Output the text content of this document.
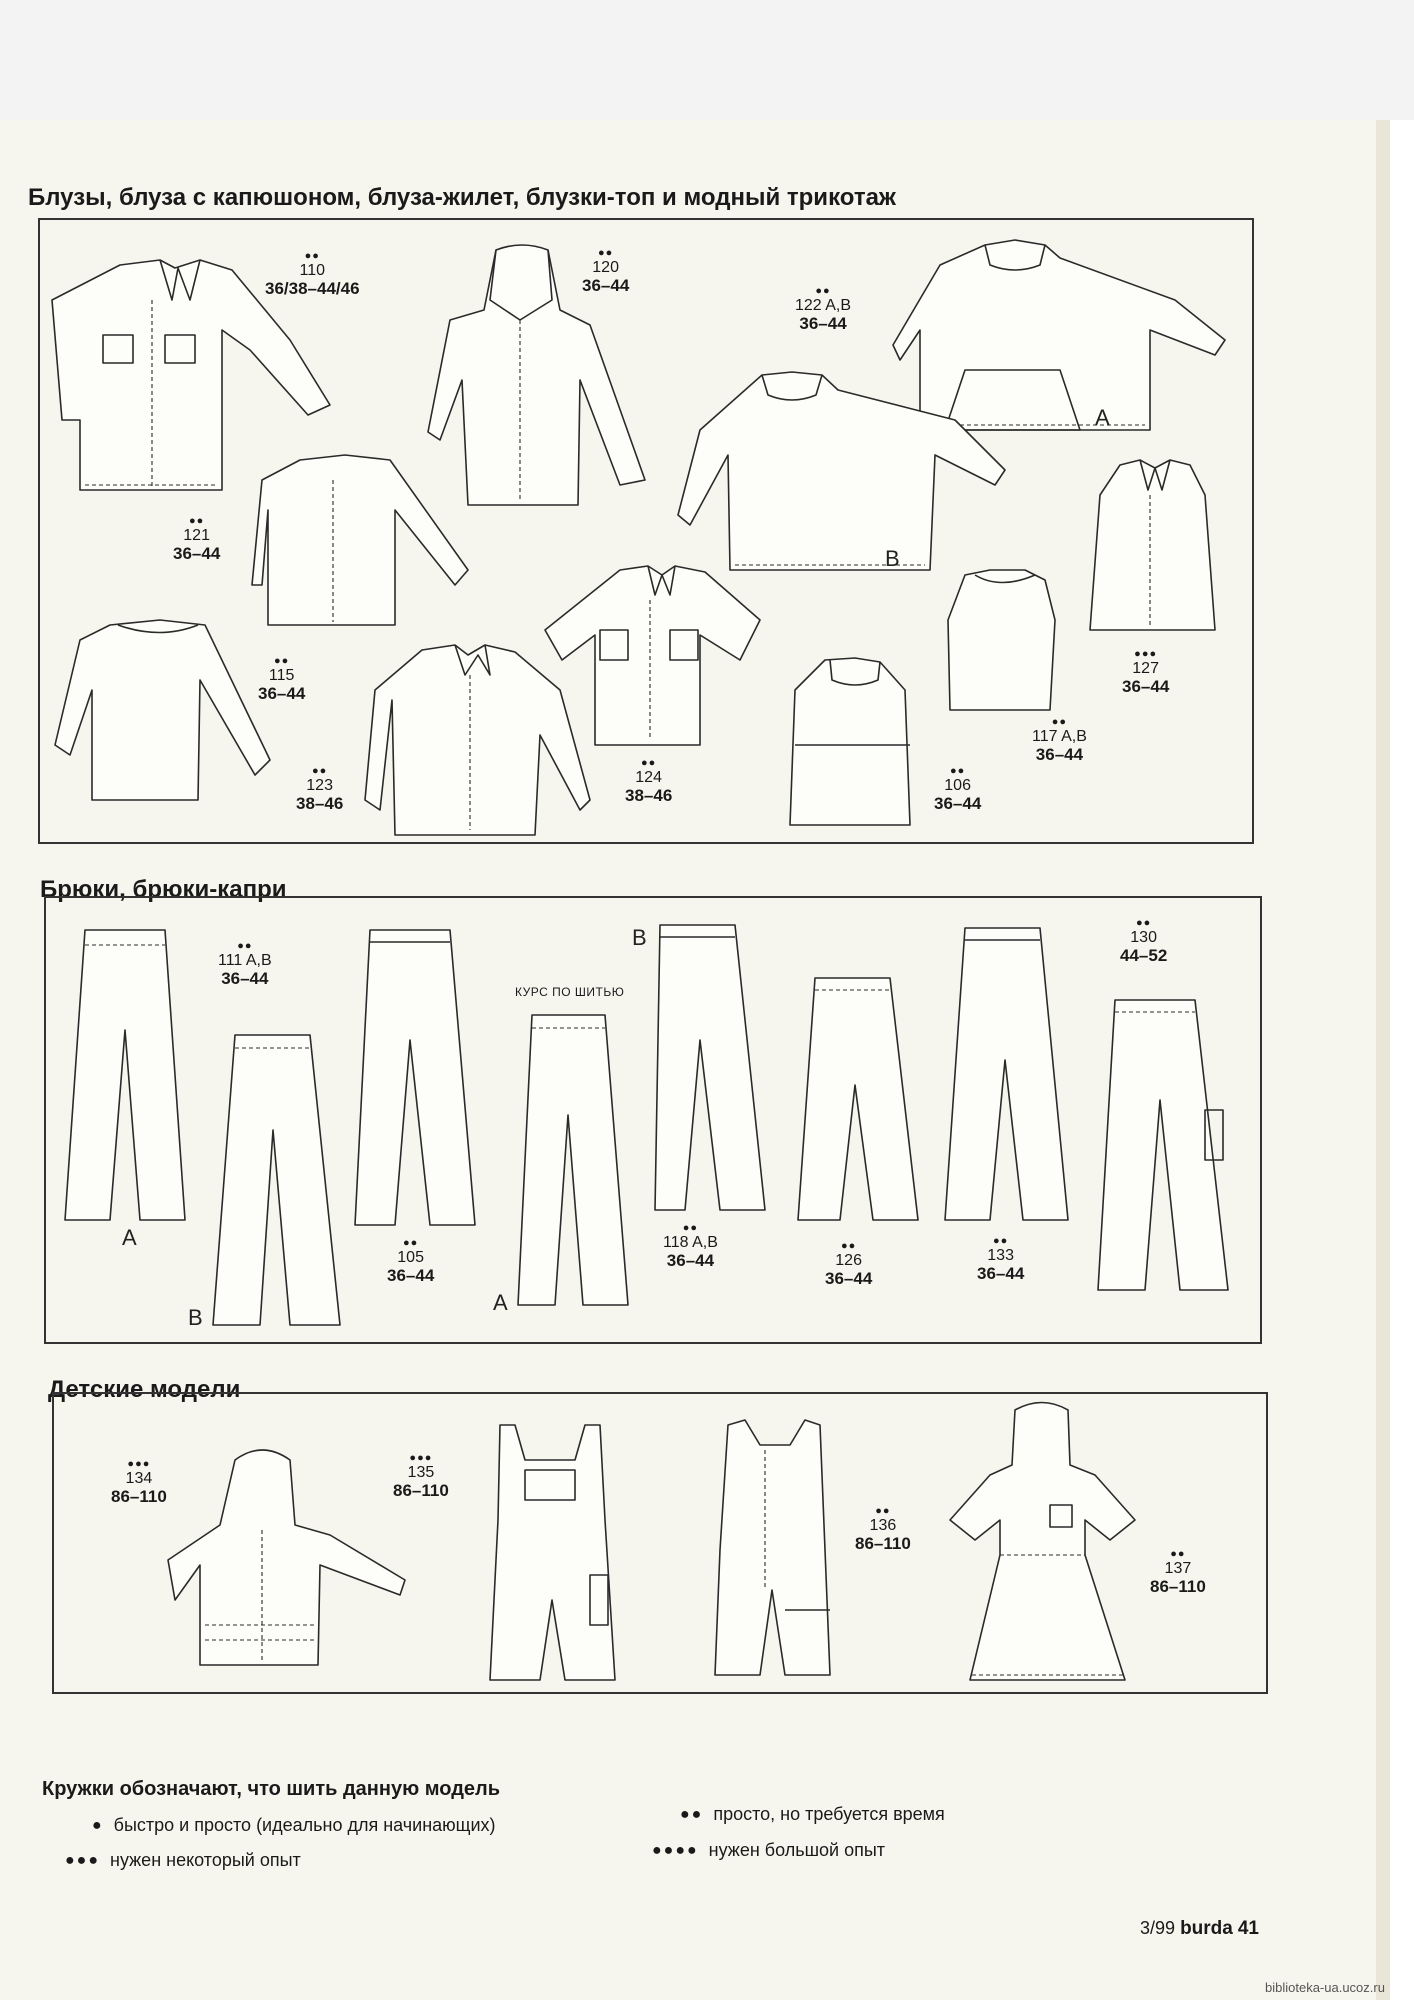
Блузы, блуза с капюшоном, блуза-жилет, блузки-топ и модный трикотаж
Брюки, брюки-капри
Детские модели
●●
110
36/38–44/46
●●
120
36–44	●●
122 A,B
36–44
●●
121
36–44
●●
115
36–44
●●
123
38–46
●●
124
38–46
●●
106
36–44
●●
117 A,B
36–44
●●●
127
36–44
A
B
●●
111 A,B
36–44
●●
105
36–44
●●
118 A,B
36–44
●●
126
36–44
●●
133
36–44
●●
130
44–52
КУРС ПО ШИТЬЮ
A
B
A
B
●●●
134
86–110
●●●
135
86–110
●●
136
86–110
●●
137
86–110
Кружки обозначают, что шить данную модель
● быстро и просто (идеально для начинающих)
●● просто, но требуется время
●●● нужен некоторый опыт	●●●● нужен большой опыт
3/99 burda 41
biblioteka-ua.ucoz.ru
